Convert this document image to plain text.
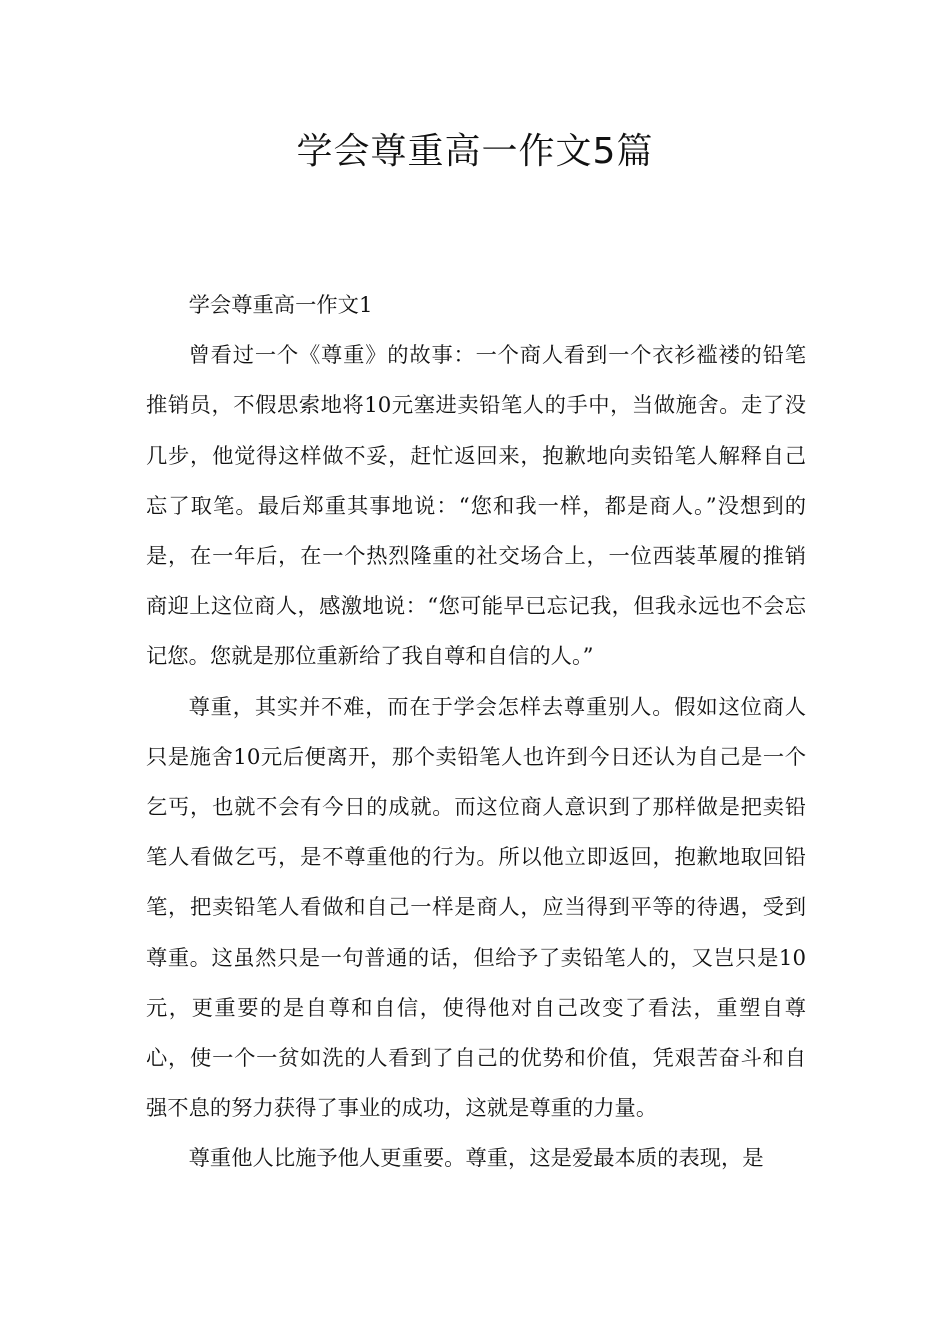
学会尊重高一作文5篇

学会尊重高一作文1

曾看过一个《尊重》的故事：一个商人看到一个衣衫褴褛的铅笔推销员，不假思索地将10元塞进卖铅笔人的手中，当做施舍。走了没几步，他觉得这样做不妥，赶忙返回来，抱歉地向卖铅笔人解释自己忘了取笔。最后郑重其事地说：“您和我一样，都是商人。”没想到的是，在一年后，在一个热烈隆重的社交场合上，一位西装革履的推销商迎上这位商人，感激地说：“您可能早已忘记我，但我永远也不会忘记您。您就是那位重新给了我自尊和自信的人。”

尊重，其实并不难，而在于学会怎样去尊重别人。假如这位商人只是施舍10元后便离开，那个卖铅笔人也许到今日还认为自己是一个乞丐，也就不会有今日的成就。而这位商人意识到了那样做是把卖铅笔人看做乞丐，是不尊重他的行为。所以他立即返回，抱歉地取回铅笔，把卖铅笔人看做和自己一样是商人，应当得到平等的待遇，受到尊重。这虽然只是一句普通的话，但给予了卖铅笔人的，又岂只是10元，更重要的是自尊和自信，使得他对自己改变了看法，重塑自尊心，使一个一贫如洗的人看到了自己的优势和价值，凭艰苦奋斗和自强不息的努力获得了事业的成功，这就是尊重的力量。

尊重他人比施予他人更重要。尊重，这是爱最本质的表现，是
